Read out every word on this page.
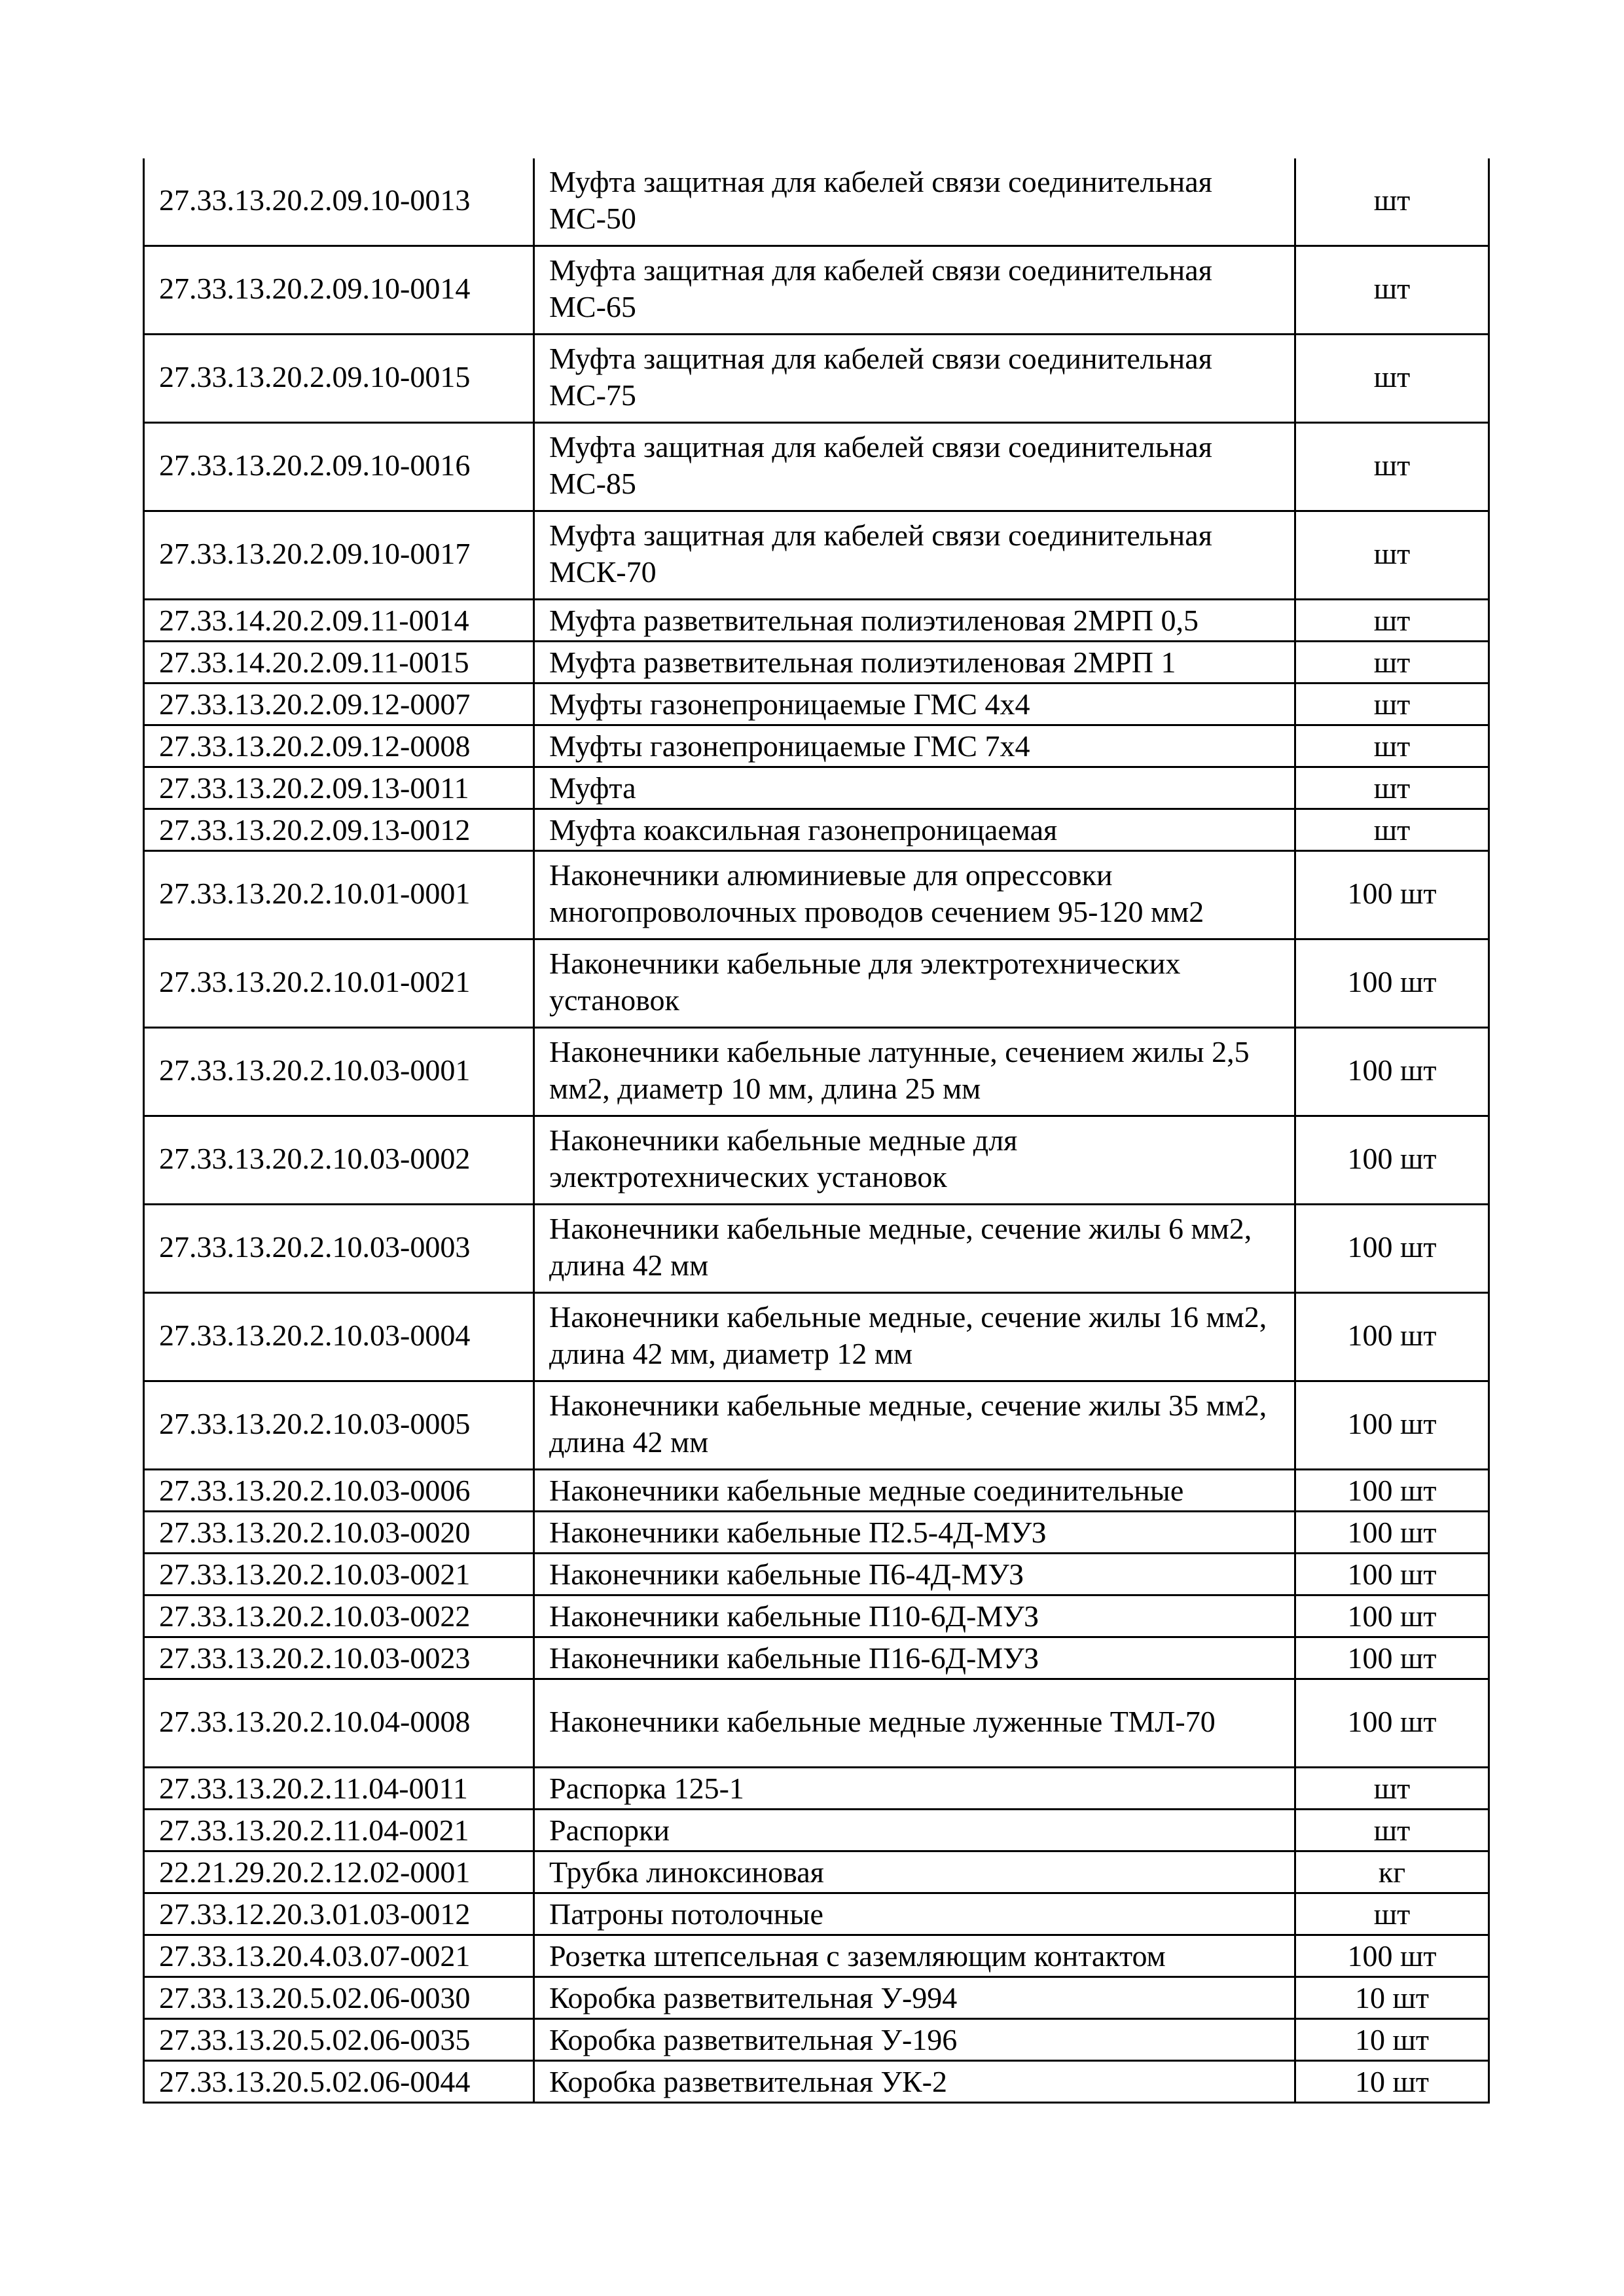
27.33.13.20.2.09.10-0013	Муфта защитная для кабелей связи соединительная МС-50	шт
27.33.13.20.2.09.10-0014	Муфта защитная для кабелей связи соединительная МС-65	шт
27.33.13.20.2.09.10-0015	Муфта защитная для кабелей связи соединительная МС-75	шт
27.33.13.20.2.09.10-0016	Муфта защитная для кабелей связи соединительная МС-85	шт
27.33.13.20.2.09.10-0017	Муфта защитная для кабелей связи соединительная МСК-70	шт
27.33.14.20.2.09.11-0014	Муфта разветвительная полиэтиленовая 2МРП 0,5	шт
27.33.14.20.2.09.11-0015	Муфта разветвительная полиэтиленовая 2МРП 1	шт
27.33.13.20.2.09.12-0007	Муфты газонепроницаемые ГМС 4х4	шт
27.33.13.20.2.09.12-0008	Муфты газонепроницаемые ГМС 7х4	шт
27.33.13.20.2.09.13-0011	Муфта	шт
27.33.13.20.2.09.13-0012	Муфта коаксильная газонепроницаемая	шт
27.33.13.20.2.10.01-0001	Наконечники алюминиевые для опрессовки многопроволочных проводов сечением 95-120 мм2	100 шт
27.33.13.20.2.10.01-0021	Наконечники кабельные для электротехнических установок	100 шт
27.33.13.20.2.10.03-0001	Наконечники кабельные латунные, сечением жилы 2,5 мм2, диаметр 10 мм, длина 25 мм	100 шт
27.33.13.20.2.10.03-0002	Наконечники кабельные медные для электротехнических установок	100 шт
27.33.13.20.2.10.03-0003	Наконечники кабельные медные, сечение жилы 6 мм2, длина 42 мм	100 шт
27.33.13.20.2.10.03-0004	Наконечники кабельные медные, сечение жилы 16 мм2, длина 42 мм, диаметр 12 мм	100 шт
27.33.13.20.2.10.03-0005	Наконечники кабельные медные, сечение жилы 35 мм2, длина 42 мм	100 шт
27.33.13.20.2.10.03-0006	Наконечники кабельные медные соединительные	100 шт
27.33.13.20.2.10.03-0020	Наконечники кабельные П2.5-4Д-МУЗ	100 шт
27.33.13.20.2.10.03-0021	Наконечники кабельные П6-4Д-МУЗ	100 шт
27.33.13.20.2.10.03-0022	Наконечники кабельные П10-6Д-МУЗ	100 шт
27.33.13.20.2.10.03-0023	Наконечники кабельные П16-6Д-МУЗ	100 шт
27.33.13.20.2.10.04-0008	Наконечники кабельные медные луженные ТМЛ-70	100 шт
27.33.13.20.2.11.04-0011	Распорка 125-1	шт
27.33.13.20.2.11.04-0021	Распорки	шт
22.21.29.20.2.12.02-0001	Трубка линоксиновая	кг
27.33.12.20.3.01.03-0012	Патроны потолочные	шт
27.33.13.20.4.03.07-0021	Розетка штепсельная с заземляющим контактом	100 шт
27.33.13.20.5.02.06-0030	Коробка разветвительная У-994	10 шт
27.33.13.20.5.02.06-0035	Коробка разветвительная У-196	10 шт
27.33.13.20.5.02.06-0044	Коробка разветвительная УК-2	10 шт
